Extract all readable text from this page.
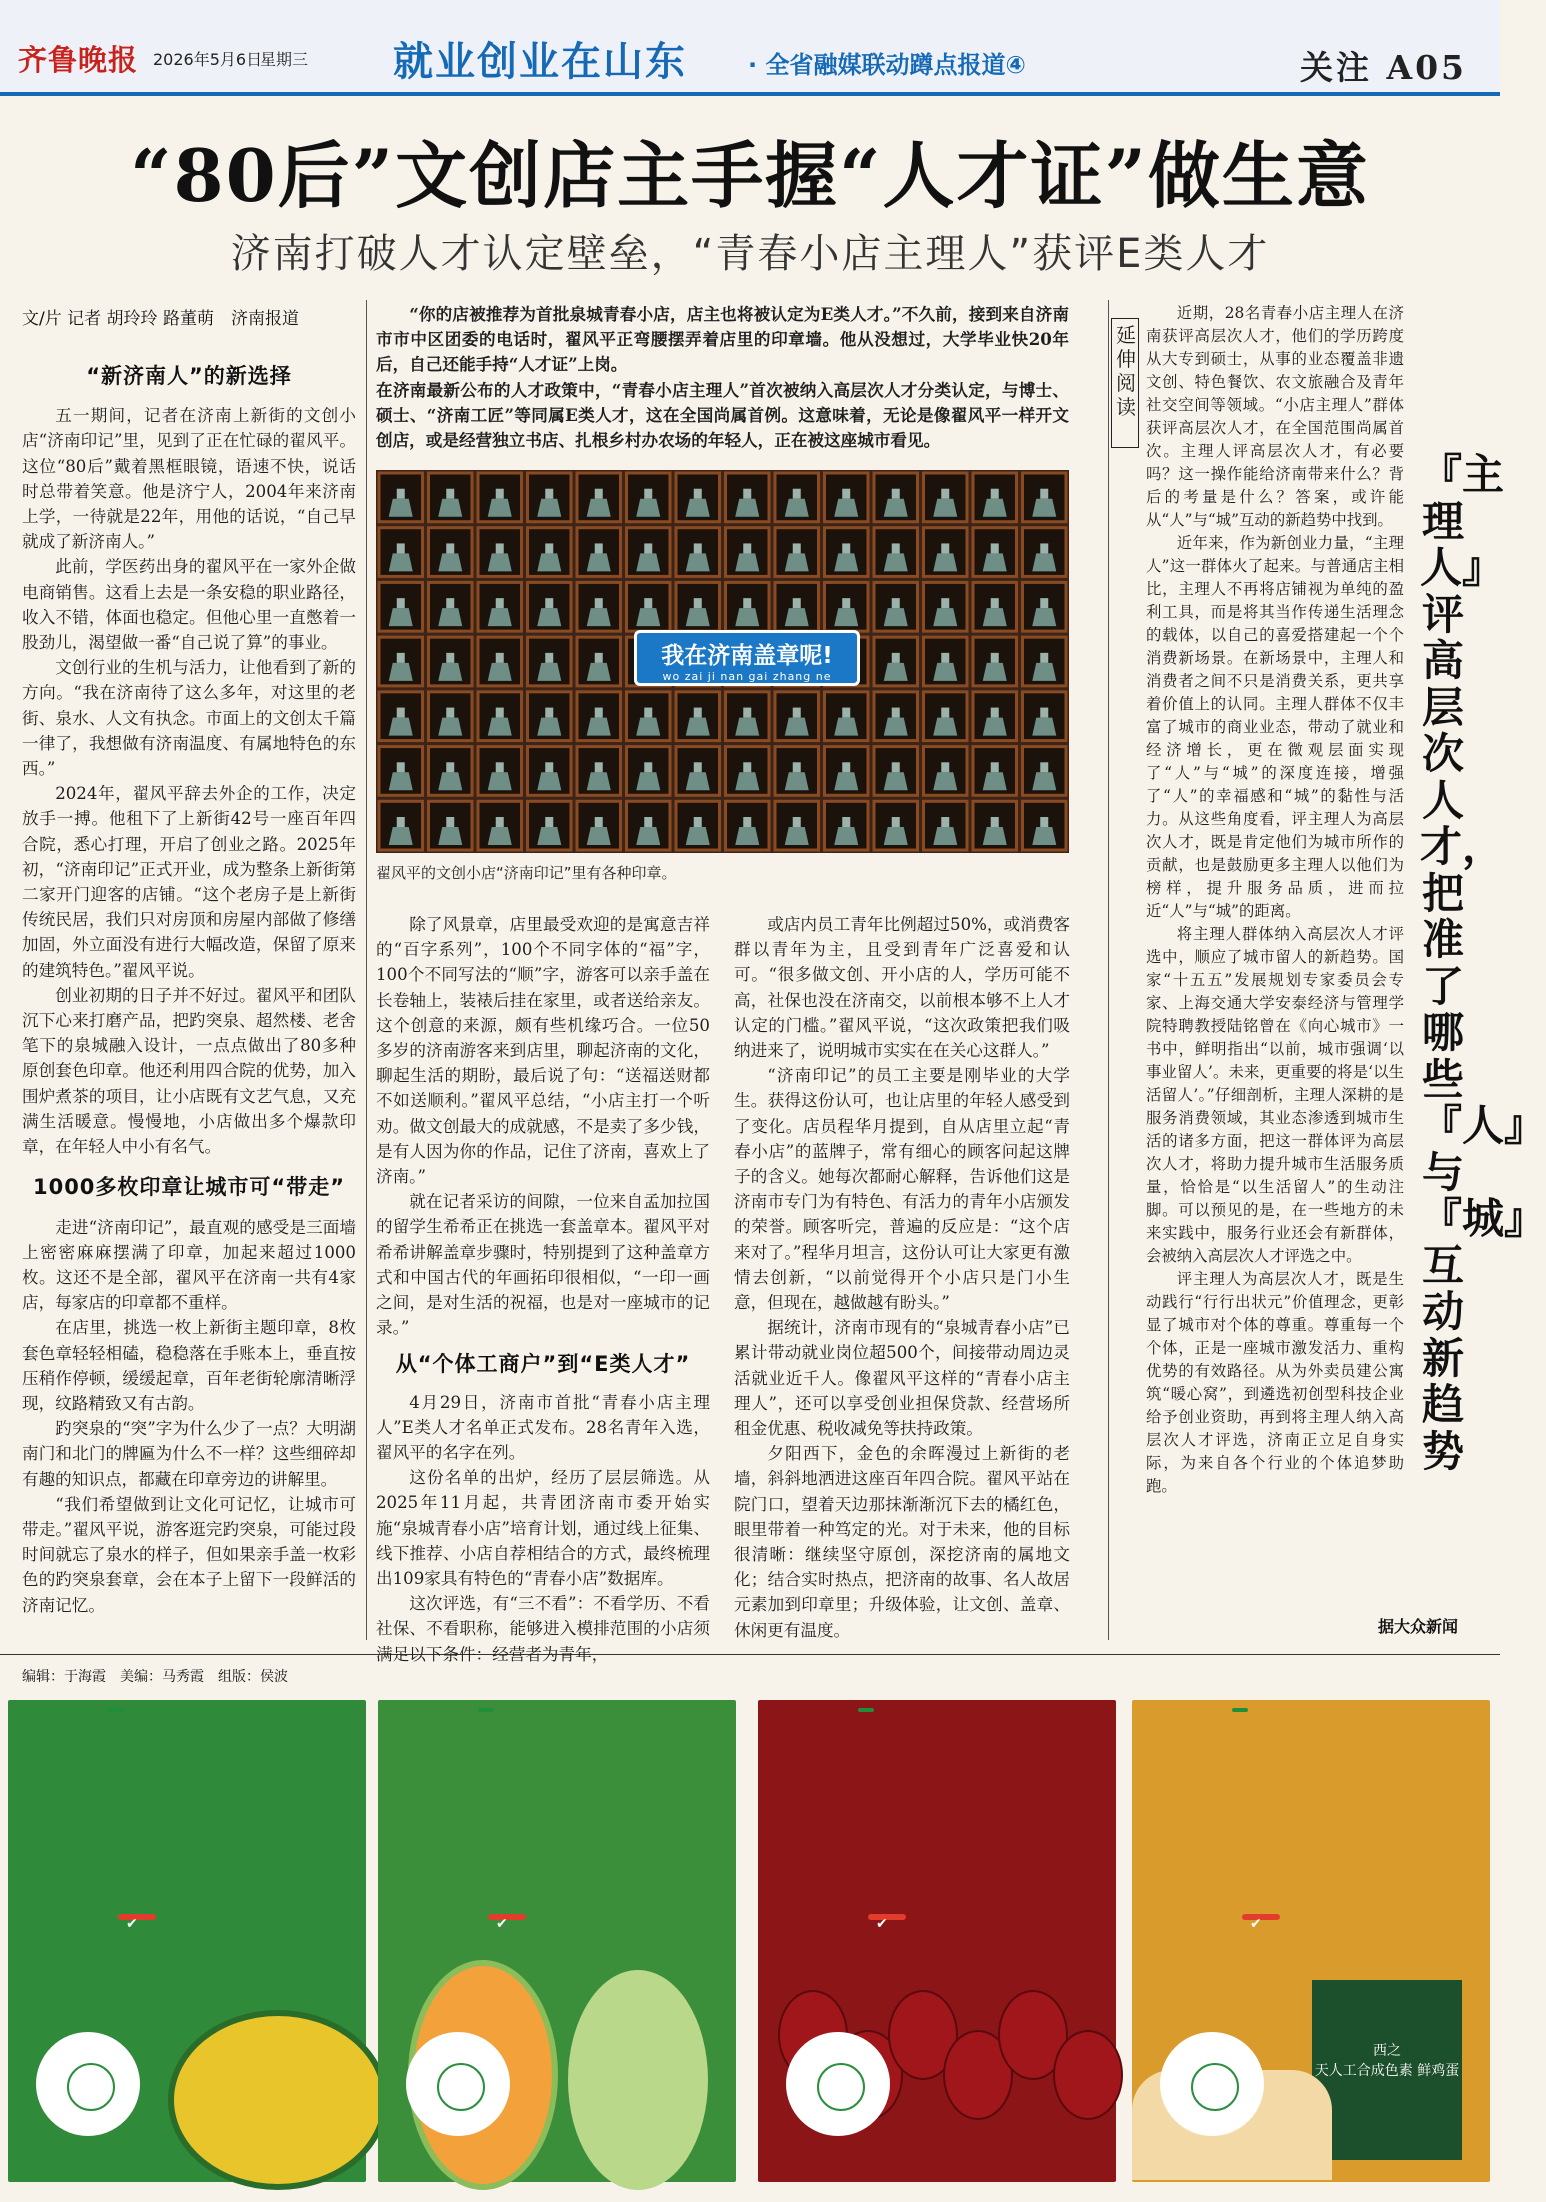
齐鲁晚报 2026年5月6日
星期三 就业创业在山东	· 全省融媒联动蹲点报道④	关注 A05
“80后”文创店主手握“人才证”做生意
济南打破人才认定壁垒，“青春小店主理人”获评E类人才
文/片 记者 胡玲玲 路董萌　济南报道
“新济南人”的新选择

五一期间，记者在济南上新街的文创小店“济南印记”里，见到了正在忙碌的翟风平。这位“80后”戴着黑框眼镜，语速不快，说话时总带着笑意。他是济宁人，2004年来济南上学，一待就是22年，用他的话说，“自己早就成了新济南人。”

此前，学医药出身的翟风平在一家外企做电商销售。这看上去是一条安稳的职业路径，收入不错，体面也稳定。但他心里一直憋着一股劲儿，渴望做一番“自己说了算”的事业。

文创行业的生机与活力，让他看到了新的方向。“我在济南待了这么多年，对这里的老街、泉水、人文有执念。市面上的文创太千篇一律了，我想做有济南温度、有属地特色的东西。”

2024年，翟风平辞去外企的工作，决定放手一搏。他租下了上新街42号一座百年四合院，悉心打理，开启了创业之路。2025年初，“济南印记”正式开业，成为整条上新街第二家开门迎客的店铺。“这个老房子是上新街传统民居，我们只对房顶和房屋内部做了修缮加固，外立面没有进行大幅改造，保留了原来的建筑特色。”翟风平说。

创业初期的日子并不好过。翟风平和团队沉下心来打磨产品，把趵突泉、超然楼、老舍笔下的泉城融入设计，一点点做出了80多种原创套色印章。他还利用四合院的优势，加入围炉煮茶的项目，让小店既有文艺气息，又充满生活暖意。慢慢地，小店做出多个爆款印章，在年轻人中小有名气。

1000多枚印章让城市可“带走”

走进“济南印记”，最直观的感受是三面墙上密密麻麻摆满了印章，加起来超过1000枚。这还不是全部，翟风平在济南一共有4家店，每家店的印章都不重样。

在店里，挑选一枚上新街主题印章，8枚套色章轻轻相磕，稳稳落在手账本上，垂直按压稍作停顿，缓缓起章，百年老街轮廓清晰浮现，纹路精致又有古韵。

趵突泉的“突”字为什么少了一点？大明湖南门和北门的牌匾为什么不一样？这些细碎却有趣的知识点，都藏在印章旁边的讲解里。

“我们希望做到让文化可记忆，让城市可带走。”翟风平说，游客逛完趵突泉，可能过段时间就忘了泉水的样子，但如果亲手盖一枚彩色的趵突泉套章，会在本子上留下一段鲜活的济南记忆。

“你的店被推荐为首批泉城青春小店，店主也将被认定为E类人才。”不久前，接到来自济南市市中区团委的电话时，翟风平正弯腰摆弄着店里的印章墙。他从没想过，大学毕业快20年后，自己还能手持“人才证”上岗。
在济南最新公布的人才政策中，“青春小店主理人”首次被纳入高层次人才分类认定，与博士、硕士、“济南工匠”等同属E类人才，这在全国尚属首例。这意味着，无论是像翟风平一样开文创店，或是经营独立书店、扎根乡村办农场的年轻人，正在被这座城市看见。
我在济南盖章呢!
wo zai ji nan gai zhang ne
翟风平的文创小店“济南印记”里有各种印章。

除了风景章，店里最受欢迎的是寓意吉祥的“百字系列”，100个不同字体的“福”字，100个不同写法的“顺”字，游客可以亲手盖在长卷轴上，装裱后挂在家里，或者送给亲友。这个创意的来源，颇有些机缘巧合。一位50多岁的济南游客来到店里，聊起济南的文化，聊起生活的期盼，最后说了句：“送福送财都不如送顺利。”翟风平总结，“小店主打一个听劝。做文创最大的成就感，不是卖了多少钱，是有人因为你的作品，记住了济南，喜欢上了济南。”

就在记者采访的间隙，一位来自孟加拉国的留学生希希正在挑选一套盖章本。翟风平对希希讲解盖章步骤时，特别提到了这种盖章方式和中国古代的年画拓印很相似，“一印一画之间，是对生活的祝福，也是对一座城市的记录。”

从“个体工商户”到“E类人才”

4月29日，济南市首批“青春小店主理人”E类人才名单正式发布。28名青年入选，翟风平的名字在列。

这份名单的出炉，经历了层层筛选。从2025年11月起，共青团济南市委开始实施“泉城青春小店”培育计划，通过线上征集、线下推荐、小店自荐相结合的方式，最终梳理出109家具有特色的“青春小店”数据库。

这次评选，有“三不看”：不看学历、不看社保、不看职称，能够进入模排范围的小店须满足以下条件：经营者为青年，

或店内员工青年比例超过50%，或消费客群以青年为主，且受到青年广泛喜爱和认可。“很多做文创、开小店的人，学历可能不高，社保也没在济南交，以前根本够不上人才认定的门槛。”翟风平说，“这次政策把我们吸纳进来了，说明城市实实在在关心这群人。”

“济南印记”的员工主要是刚毕业的大学生。获得这份认可，也让店里的年轻人感受到了变化。店员程华月提到，自从店里立起“青春小店”的蓝牌子，常有细心的顾客问起这牌子的含义。她每次都耐心解释，告诉他们这是济南市专门为有特色、有活力的青年小店颁发的荣誉。顾客听完，普遍的反应是：“这个店来对了。”程华月坦言，这份认可让大家更有激情去创新，“以前觉得开个小店只是门小生意，但现在，越做越有盼头。”

据统计，济南市现有的“泉城青春小店”已累计带动就业岗位超500个，间接带动周边灵活就业近千人。像翟风平这样的“青春小店主理人”，还可以享受创业担保贷款、经营场所租金优惠、税收减免等扶持政策。

夕阳西下，金色的余晖漫过上新街的老墙，斜斜地洒进这座百年四合院。翟风平站在院门口，望着天边那抹渐渐沉下去的橘红色，眼里带着一种笃定的光。对于未来，他的目标很清晰：继续坚守原创，深挖济南的属地文化；结合实时热点，把济南的故事、名人故居元素加到印章里；升级体验，让文创、盖章、休闲更有温度。

延伸阅读

近期，28名青春小店主理人在济南获评高层次人才，他们的学历跨度从大专到硕士，从事的业态覆盖非遗文创、特色餐饮、农文旅融合及青年社交空间等领域。“小店主理人”群体获评高层次人才，在全国范围尚属首次。主理人评高层次人才，有必要吗？这一操作能给济南带来什么？背后的考量是什么？答案，或许能从“人”与“城”互动的新趋势中找到。

近年来，作为新创业力量，“主理人”这一群体火了起来。与普通店主相比，主理人不再将店铺视为单纯的盈利工具，而是将其当作传递生活理念的载体，以自己的喜爱搭建起一个个消费新场景。在新场景中，主理人和消费者之间不只是消费关系，更共享着价值上的认同。主理人群体不仅丰富了城市的商业业态，带动了就业和经济增长，更在微观层面实现了“人”与“城”的深度连接，增强了“人”的幸福感和“城”的黏性与活力。从这些角度看，评主理人为高层次人才，既是肯定他们为城市所作的贡献，也是鼓励更多主理人以他们为榜样，提升服务品质，进而拉近“人”与“城”的距离。

将主理人群体纳入高层次人才评选中，顺应了城市留人的新趋势。国家“十五五”发展规划专家委员会专家、上海交通大学安泰经济与管理学院特聘教授陆铭曾在《向心城市》一书中，鲜明指出“以前，城市强调‘以事业留人’。未来，更重要的将是‘以生活留人’。”仔细剖析，主理人深耕的是服务消费领域，其业态渗透到城市生活的诸多方面，把这一群体评为高层次人才，将助力提升城市生活服务质量，恰恰是“以生活留人”的生动注脚。可以预见的是，在一些地方的未来实践中，服务行业还会有新群体，会被纳入高层次人才评选之中。

评主理人为高层次人才，既是生动践行“行行出状元”价值理念，更彰显了城市对个体的尊重。尊重每一个个体，正是一座城市激发活力、重构优势的有效路径。从为外卖员建公寓筑“暖心窝”，到遴选初创型科技企业给予创业资助，再到将主理人纳入高层次人才评选，济南正立足自身实际，为来自各个行业的个体追梦助跑。

『主理人』评高层次人才，把准了哪些『人』与『城』互动新趋势
据大众新闻
编辑：于海霞　美编：马秀霞　组版：侯波
✔
✔
✔
西之
天人工合成色素 鲜鸡蛋
✔
